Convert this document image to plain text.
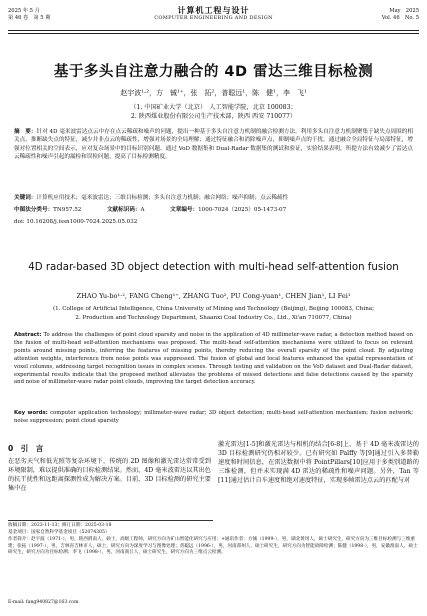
2025 年 5 月
第 46 卷　第 5 期
计算机工程与设计
COMPUTER ENGINEERING AND DESIGN
May　2025
Vol. 46　No. 5
基于多头自注意力融合的 4D 雷达三维目标检测
赵宇波¹·²，方　铖¹⁺，张　拓²，普聪远¹，陈　健¹，李　飞¹
（1. 中国矿业大学（北京）　人工智能学院，北京 100083；
2. 陕西煤业股份有限公司生产技术部，陕西 西安 710077）
摘　要：针对 4D 毫米波雷达点云中存在点云稀疏和噪声的问题，提出一种基于多头自注意力机制的融合检测方法。利用多头自注意力机制聚集于缺失点周围的相关点，推断缺失点的特征，减少并非点云的稀疏性，增强对场景的全局理解；通过特征融合和消除噪声点，抑制噪声点的干扰，通过融合全局特征与局部特征，增强对位置相关的空间表示，应对复杂场景中的目标识别问题。通过 VoD 数据集和 Dual-Radar 数据集的测试和验证，实验结果表明，所提方法有效减少了雷达点云稀疏性和噪声引起的漏检和误检问题，提高了目标检测精度。
关键词：计算机应用技术；毫米波雷达；三维目标检测；多头自注意力机制；融合网络；噪声抑制；点云稀疏性
中图法分类号：TN957.52	文献标识码：A	文章编号：1000-7024（2025）05-1473-07
doi: 10.16208/j.issn1000-7024.2025.05.032
4D radar-based 3D object detection with multi-head self-attention fusion
ZHAO Yu-bo¹·², FANG Cheng¹⁺, ZHANG Tuo², PU Cong-yuan¹, CHEN Jian¹, LI Fei¹
(1. College of Artificial Intelligence, China University of Mining and Technology (Beijing), Beijing 100083, China;
2. Production and Technology Department, Shaanxi Coal Industry Co., Ltd., Xi'an 710077, China)
Abstract: To address the challenges of point cloud sparsity and noise in the application of 4D millimeter-wave radar, a detection method based on the fusion of multi-head self-attention mechanisms was proposed. The multi-head self-attention mechanisms were utilized to focus on relevant points around missing points, inferring the features of missing points, thereby reducing the overall sparsity of the point cloud. By adjusting attention weights, interference from noise points was suppressed. The fusion of global and local features enhanced the spatial representation of voxel columns, addressing target recognition issues in complex scenes. Through testing and validation on the VoD dataset and Dual-Radar dataset, experimental results indicate that the proposed method alleviates the problems of missed detections and false detections caused by the sparsity and noise of millimeter-wave radar point clouds, improving the target detection accuracy.
Key words: computer application technology; millimeter-wave radar; 3D object detection; multi-head self-attention mechanism; fusion network; noise suppression; point cloud sparsity
0　引　言
在恶劣天气和低光照等复杂环境下，传统的 2D 图像和激光雷达常常受到环境限制，难以提供准确的目标检测结果。然而，4D 毫米波雷达以其出色的抗干扰性和远距离探测性成为解决方案。目前，3D 目标检测的研究主要集中在
激光雷达[1-5]和激光雷达与相机的结合[6-8]上，基于 4D 毫米波雷达的 3D 目标检测研究仍相对较少。已有研究如 Palffy 等[9]通过引入多普勒速度和时间信息，在雷达数据中将 PointPillars[10]应用于多类别道路的三维检测，但并未实现满 4D 雷达的稀疏性和噪声问题。另外，Tan 等[11]通过估计自车速度和绝对速度特征，实现多帧雷达点云的匹配与对
收稿日期：2023-11-13；修订日期：2025-03-18
基金项目：国家自然科学基金项目（52074305）
作者简介：赵宇波（1971-），男，陕西渭南人，硕士，高级工程师，研究方向为矿山智能化研究与应用；+通讯作者：方铖（1999-），男，湖北黄冈人，硕士研究生，研究方向为三维目标检测与三维重建；张拓（1997-），男，吉林省吉林市人，硕士，研究方向为深度学习与图像处理；普聪远（1996-），男，河南郑州人，硕士研究生，研究方向为智能故障检测；陈健（1998-），男，安徽淮南人，硕士研究生，研究方向为目标检测；李飞（1998-），男，河南商丘人，硕士研究生，研究方向为三维点云检测。
E-mail: fang940827@163.com
